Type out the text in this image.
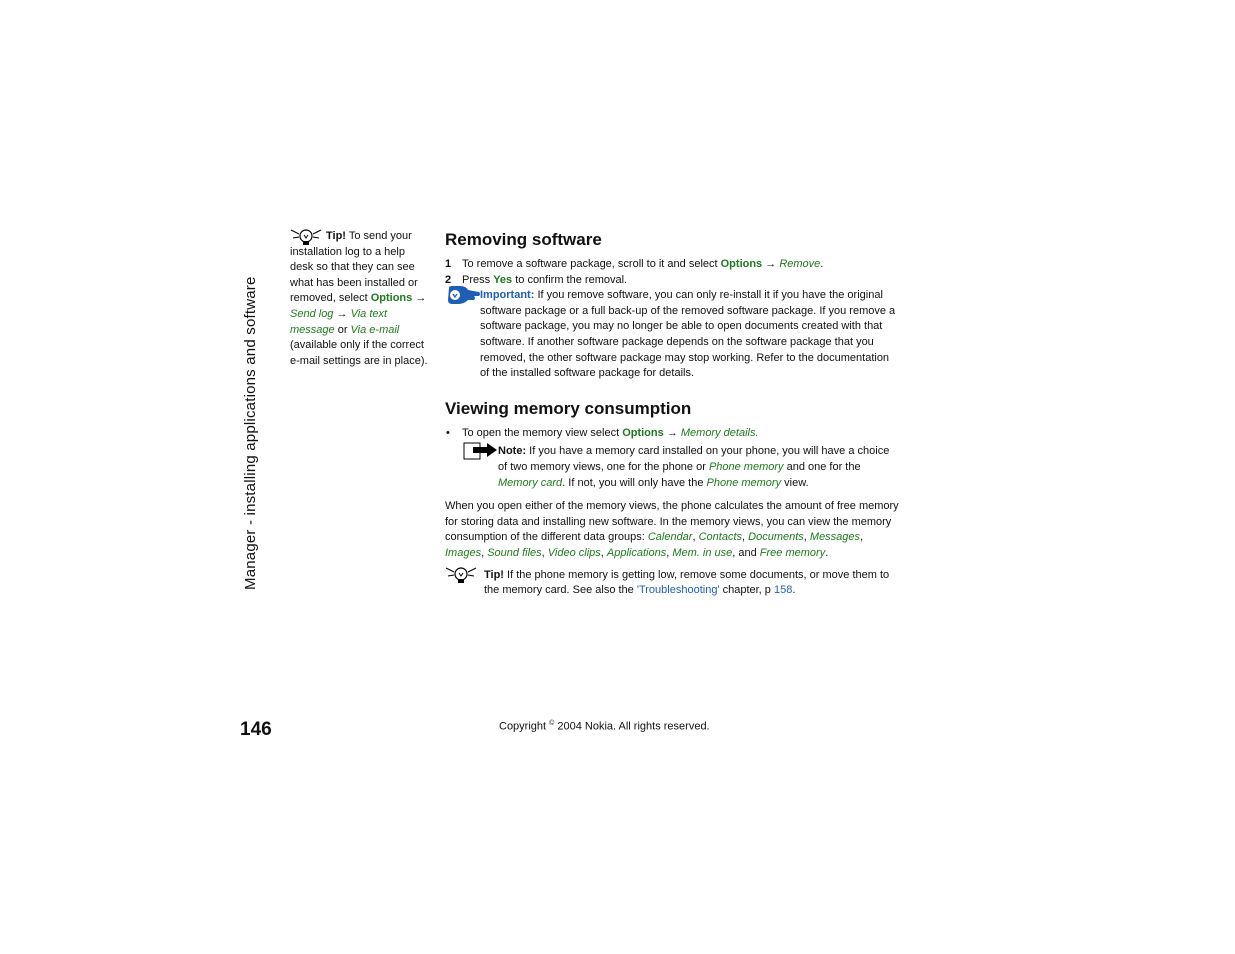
Manager - installing applications and software

Tip! To send your installation log to a help desk so that they can see what has been installed or removed, select Options → Send log → Via text message or Via e-mail (available only if the correct e-mail settings are in place).

Removing software
1 To remove a software package, scroll to it and select Options → Remove.
2 Press Yes to confirm the removal.
Important: If you remove software, you can only re-install it if you have the original software package or a full back-up of the removed software package. If you remove a software package, you may no longer be able to open documents created with that software. If another software package depends on the software package that you removed, the other software package may stop working. Refer to the documentation of the installed software package for details.
Viewing memory consumption
• To open the memory view select Options → Memory details.
Note: If you have a memory card installed on your phone, you will have a choice of two memory views, one for the phone or Phone memory and one for the Memory card. If not, you will only have the Phone memory view.

When you open either of the memory views, the phone calculates the amount of free memory for storing data and installing new software. In the memory views, you can view the memory consumption of the different data groups: Calendar, Contacts, Documents, Messages, Images, Sound files, Video clips, Applications, Mem. in use, and Free memory.

Tip! If the phone memory is getting low, remove some documents, or move them to the memory card. See also the 'Troubleshooting' chapter, p 158.
146	Copyright © 2004 Nokia. All rights reserved.
